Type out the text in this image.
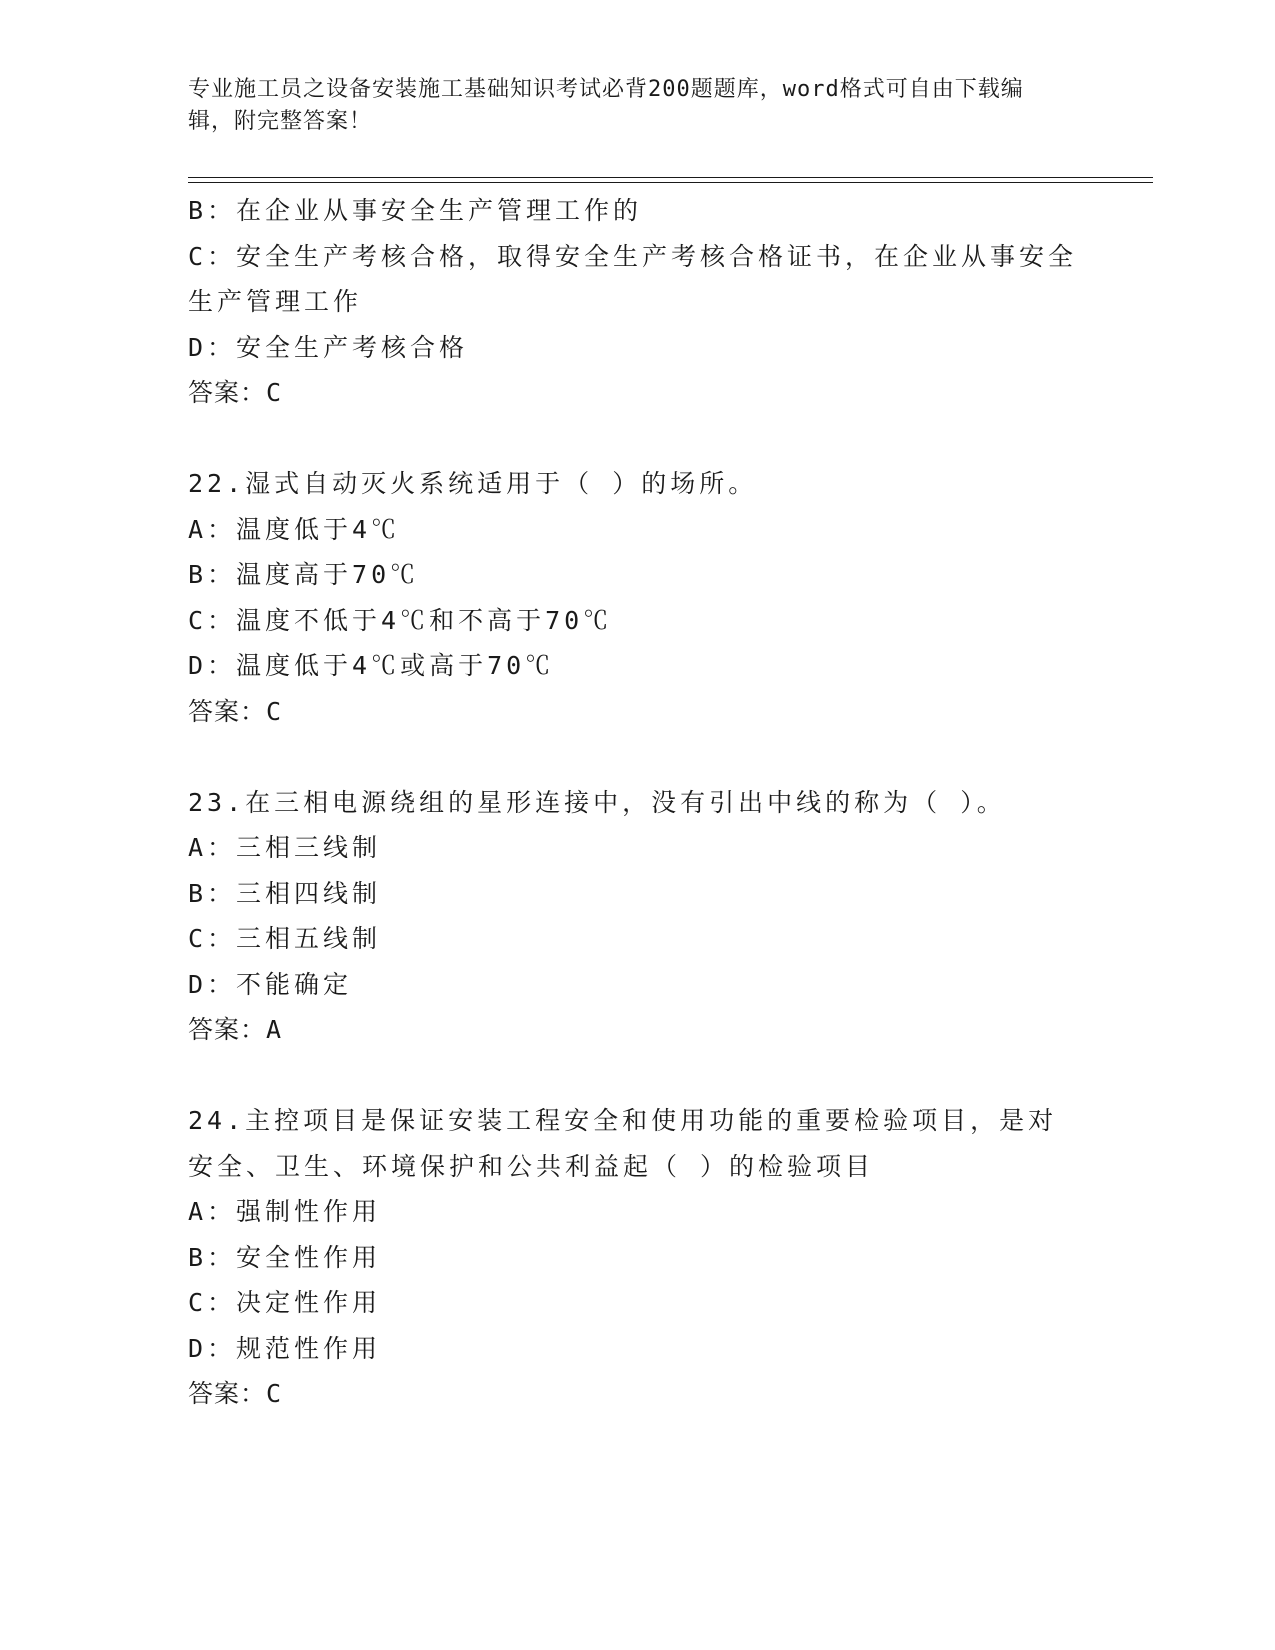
专业施工员之设备安装施工基础知识考试必背200题题库，word格式可自由下载编辑，附完整答案！
B：在企业从事安全生产管理工作的
C：安全生产考核合格，取得安全生产考核合格证书，在企业从事安全生产管理工作
D：安全生产考核合格
答案：C
22.湿式自动灭火系统适用于（ ）的场所。
A：温度低于4℃
B：温度高于70℃
C：温度不低于4℃和不高于70℃
D：温度低于4℃或高于70℃
答案：C
23.在三相电源绕组的星形连接中，没有引出中线的称为（ ）。
A：三相三线制
B：三相四线制
C：三相五线制
D：不能确定
答案：A
24.主控项目是保证安装工程安全和使用功能的重要检验项目，是对安全、卫生、环境保护和公共利益起（ ）的检验项目
A：强制性作用
B：安全性作用
C：决定性作用
D：规范性作用
答案：C
